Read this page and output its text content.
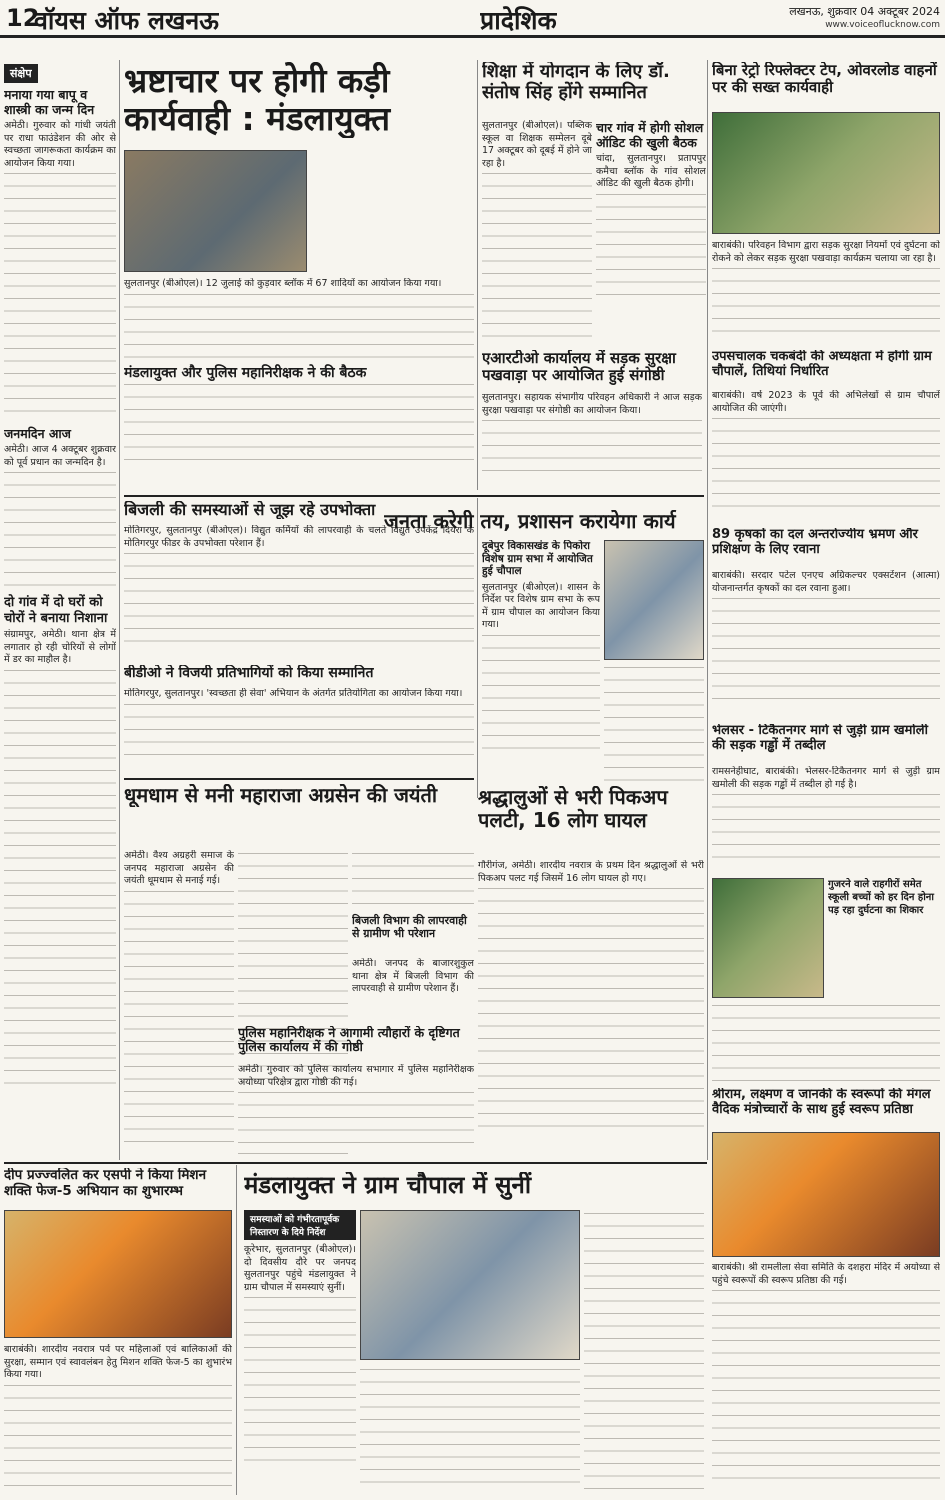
12
वॉयस ऑफ लखनऊ	प्रादेशिक	लखनऊ, शुक्रवार 04 अक्टूबर 2024
www.voiceoflucknow.com
संक्षेप
मनाया गया बापू व शास्त्री का जन्म दिन
अमेठी। गुरुवार को गांधी जयंती पर राधा फाउंडेशन की ओर से स्वच्छता जागरूकता कार्यक्रम का आयोजन किया गया।
जनमदिन आज
अमेठी। आज 4 अक्टूबर शुक्रवार को पूर्व प्रधान का जन्मदिन है।
दो गांव में दो घरों को चोरों ने बनाया निशाना
संग्रामपुर, अमेठी। थाना क्षेत्र में लगातार हो रही चोरियों से लोगों में डर का माहौल है।
भ्रष्टाचार पर होगी कड़ी कार्यवाही : मंडलायुक्त
सुलतानपुर (बीओएल)। 12 जुलाई को कुड़वार ब्लॉक में 67 शादियों का आयोजन किया गया।
मंडलायुक्त और पुलिस महानिरीक्षक ने की बैठक
शिक्षा में योगदान के लिए डॉ. संतोष सिंह होंगे सम्मानित
सुलतानपुर (बीओएल)। पब्लिक स्कूल वा शिक्षक सम्मेलन दूबे 17 अक्टूबर को दूबई में होने जा रहा है।
चार गांव में होगी सोशल ऑडिट की खुली बैठक
चांदा, सुलतानपुर। प्रतापपुर कमैचा ब्लॉक के गांव सोशल ऑडिट की खुली बैठक होगी।
एआरटीओ कार्यालय में सड़क सुरक्षा पखवाड़ा पर आयोजित हुई संगोष्ठी
सुलतानपुर। सहायक संभागीय परिवहन अधिकारी ने आज सड़क सुरक्षा पखवाड़ा पर संगोष्ठी का आयोजन किया।
बिना रेट्रो रिफ्लेक्टर टेप, ओवरलोड वाहनों पर की सख्त कार्यवाही
बाराबंकी। परिवहन विभाग द्वारा सड़क सुरक्षा नियमों एवं दुर्घटना को रोकने को लेकर सड़क सुरक्षा पखवाड़ा कार्यक्रम चलाया जा रहा है।
उपसचालक चकबंदी की अध्यक्षता में होंगी ग्राम चौपालें, तिथियां निर्धारित
बाराबंकी। वर्ष 2023 के पूर्व की अभिलेखों से ग्राम चौपालें आयोजित की जाएंगी।
89 कृषकों का दल अन्तर्राज्यीय भ्रमण और प्रशिक्षण के लिए रवाना
बाराबंकी। सरदार पटेल एनएच अग्रिकल्चर एक्सटेंशन (आत्मा) योजनान्तर्गत कृषकों का दल रवाना हुआ।
भेलसर - टिकैतनगर मार्ग से जुड़ी ग्राम खमोली की सड़क गड्ढों में तब्दील
रामसनेहीघाट, बाराबंकी। भेलसर-टिकैतनगर मार्ग से जुड़ी ग्राम खमोली की सड़क गड्ढों में तब्दील हो गई है।
गुजरने वाले राहगीरों समेत स्कूली बच्चों को हर दिन होना पड़ रहा दुर्घटना का शिकार
श्रीराम, लक्ष्मण व जानकी के स्वरूपों की मंगल वैदिक मंत्रोच्चारों के साथ हुई स्वरूप प्रतिष्ठा
बाराबंकी। श्री रामलीला सेवा समिति के दशहरा मंदिर में अयोध्या से पहुंचे स्वरूपों की स्वरूप प्रतिष्ठा की गई।
बिजली की समस्याओं से जूझ रहे उपभोक्ता
मोतिगरपुर, सुलतानपुर (बीओएल)। विद्युत कर्मियों की लापरवाही के चलते विद्युत उपकेंद्र दियरा के मोतिगरपुर फीडर के उपभोक्ता परेशान हैं।
बीडीओ ने विजयी प्रतिभागियों को किया सम्मानित
मोतिगरपुर, सुलतानपुर। 'स्वच्छता ही सेवा' अभियान के अंतर्गत प्रतियोगिता का आयोजन किया गया।
धूमधाम से मनी महाराजा अग्रसेन की जयंती
अमेठी। वैश्य अग्रहरी समाज के जनपद महाराजा अग्रसेन की जयंती धूमधाम से मनाई गई।
बिजली विभाग की लापरवाही से ग्रामीण भी परेशान
अमेठी। जनपद के बाजारशुकुल थाना क्षेत्र में बिजली विभाग की लापरवाही से ग्रामीण परेशान हैं।
पुलिस महानिरीक्षक ने आगामी त्यौहारों के दृष्टिगत पुलिस कार्यालय में की गोष्ठी
अमेठी। गुरुवार को पुलिस कार्यालय सभागार में पुलिस महानिरीक्षक अयोध्या परिक्षेत्र द्वारा गोष्ठी की गई।
जनता करेगी तय, प्रशासन करायेगा कार्य
दूबेपुर विकासखंड के पिकोरा विशेष ग्राम सभा में आयोजित हुई चौपाल
सुलतानपुर (बीओएल)। शासन के निर्देश पर विशेष ग्राम सभा के रूप में ग्राम चौपाल का आयोजन किया गया।
श्रद्धालुओं से भरी पिकअप पलटी, 16 लोग घायल
गौरीगंज, अमेठी। शारदीय नवरात्र के प्रथम दिन श्रद्धालुओं से भरी पिकअप पलट गई जिसमें 16 लोग घायल हो गए।
दीप प्रज्ज्वलित कर एसपी ने किया मिशन शक्ति फेज-5 अभियान का शुभारम्भ
बाराबंकी। शारदीय नवरात्र पर्व पर महिलाओं एवं बालिकाओं की सुरक्षा, सम्मान एवं स्वावलंबन हेतु मिशन शक्ति फेज-5 का शुभारंभ किया गया।
मंडलायुक्त ने ग्राम चौपाल में सुनीं
समस्याओं को गंभीरतापूर्वक निस्तारण के दिये निर्देश
कूरेभार, सुलतानपुर (बीओएल)। दो दिवसीय दौरे पर जनपद सुलतानपुर पहुंचे मंडलायुक्त ने ग्राम चौपाल में समस्याएं सुनीं।
